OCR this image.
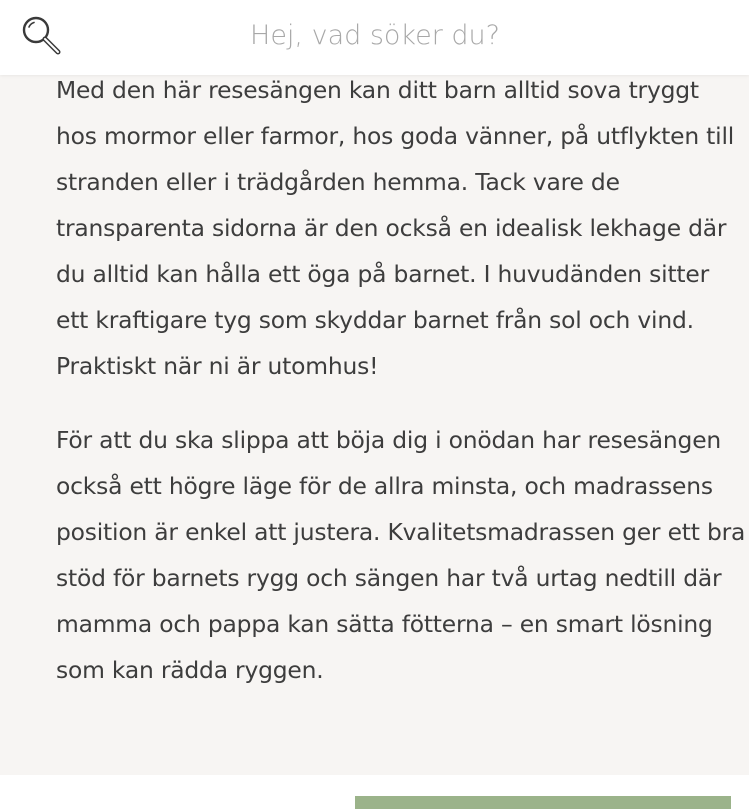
Hej, vad söker du?

Med den här resesängen kan ditt barn alltid sova tryggt hos mormor eller farmor, hos goda vänner, på utflykten till stranden eller i trädgården hemma. Tack vare de transparenta sidorna är den också en idealisk lekhage där du alltid kan hålla ett öga på barnet. I huvudänden sitter ett kraftigare tyg som skyddar barnet från sol och vind. Praktiskt när ni är utomhus!

För att du ska slippa att böja dig i onödan har resesängen också ett högre läge för de allra minsta, och madrassens position är enkel att justera. Kvalitetsmadrassen ger ett bra stöd för barnets rygg och sängen har två urtag nedtill där mamma och pappa kan sätta fötterna – en smart lösning som kan rädda ryggen.
